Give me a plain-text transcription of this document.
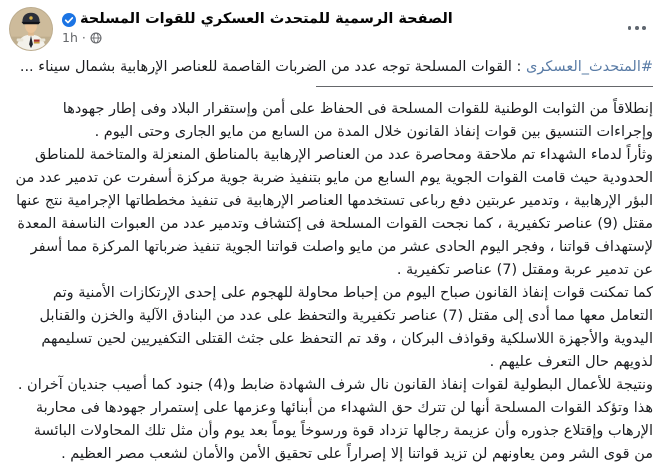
الصفحة الرسمية للمتحدث العسكري للقوات المسلحة
1h ·

#المتحدث_العسكرى : القوات المسلحة توجه عدد من الضربات القاصمة للعناصر الإرهابية بشمال سيناء ...

إنطلاقاً من الثوابت الوطنية للقوات المسلحة فى الحفاظ على أمن وإستقرار البلاد وفى إطار جهودها وإجراءات التنسيق بين قوات إنفاذ القانون خلال المدة من السابع من مايو الجارى وحتى اليوم .

وثأراً لدماء الشهداء تم ملاحقة ومحاصرة عدد من العناصر الإرهابية بالمناطق المنعزلة والمتاخمة للمناطق الحدودية حيث قامت القوات الجوية يوم السابع من مايو بتنفيذ ضربة جوية مركزة أسفرت عن تدمير عدد من البؤر الإرهابية ، وتدمير عربتين دفع رباعى تستخدمها العناصر الإرهابية فى تنفيذ مخططاتها الإجرامية نتج عنها مقتل (9) عناصر تكفيرية ، كما نجحت القوات المسلحة فى إكتشاف وتدمير عدد من العبوات الناسفة المعدة لإستهداف قواتنا ، وفجر اليوم الحادى عشر من مايو واصلت قواتنا الجوية تنفيذ ضرباتها المركزة مما أسفر عن تدمير عربة ومقتل (7) عناصر تكفيرية .

كما تمكنت قوات إنفاذ القانون صباح اليوم من إحباط محاولة للهجوم على إحدى الإرتكازات الأمنية وتم التعامل معها مما أدى إلى مقتل (7) عناصر تكفيرية والتحفظ على عدد من البنادق الآلية والخزن والقنابل اليدوية والأجهزة اللاسلكية وقواذف البركان ، وقد تم التحفظ على جثث القتلى التكفيريين لحين تسليمهم لذويهم حال التعرف عليهم .

ونتيجة للأعمال البطولية لقوات إنفاذ القانون نال شرف الشهادة ضابط و(4) جنود كما أصيب جنديان آخران .

هذا وتؤكد القوات المسلحة أنها لن تترك حق الشهداء من أبنائها وعزمها على إستمرار جهودها فى محاربة الإرهاب وإقتلاع جذوره وأن عزيمة رجالها تزداد قوة ورسوخاً يوماً بعد يوم وأن مثل تلك المحاولات البائسة من قوى الشر ومن يعاونهم لن تزيد قواتنا إلا إصراراً على تحقيق الأمن والأمان لشعب مصر العظيم .
